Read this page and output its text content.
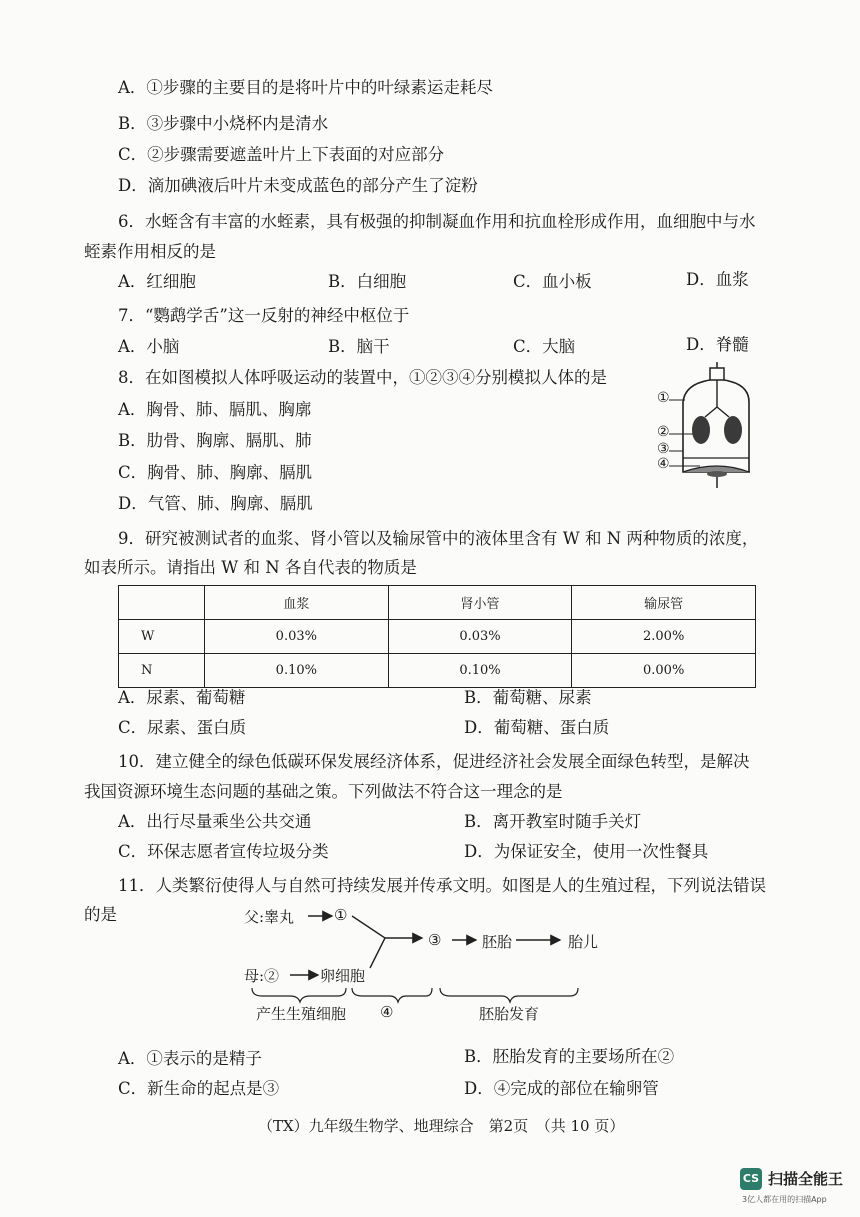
A．①步骤的主要目的是将叶片中的叶绿素运走耗尽
B．③步骤中小烧杯内是清水
C．②步骤需要遮盖叶片上下表面的对应部分
D．滴加碘液后叶片未变成蓝色的部分产生了淀粉
6．水蛭含有丰富的水蛭素，具有极强的抑制凝血作用和抗血栓形成作用，血细胞中与水
蛭素作用相反的是
A．红细胞	B．白细胞	C．血小板	D．血浆
7．“鹦鹉学舌”这一反射的神经中枢位于
A．小脑	B．脑干	C．大脑	D．脊髓
8．在如图模拟人体呼吸运动的装置中，①②③④分别模拟人体的是
A．胸骨、肺、膈肌、胸廓
B．肋骨、胸廓、膈肌、肺
C．胸骨、肺、胸廓、膈肌
D．气管、肺、胸廓、膈肌
①
②
③
④
9．研究被测试者的血浆、肾小管以及输尿管中的液体里含有 W 和 N 两种物质的浓度，
如表所示。请指出 W 和 N 各自代表的物质是
	血浆	肾小管	输尿管
W	0.03%	0.03%	2.00%
N	0.10%	0.10%	0.00%
A．尿素、葡萄糖	B．葡萄糖、尿素
C．尿素、蛋白质	D．葡萄糖、蛋白质
10．建立健全的绿色低碳环保发展经济体系，促进经济社会发展全面绿色转型，是解决
我国资源环境生态问题的基础之策。下列做法不符合这一理念的是
A．出行尽量乘坐公共交通	B．离开教室时随手关灯
C．环保志愿者宣传垃圾分类	D．为保证安全，使用一次性餐具
11．人类繁衍使得人与自然可持续发展并传承文明。如图是人的生殖过程，下列说法错误
的是	父:睾丸	①
③	胚胎	胎儿
母:②	卵细胞
产生生殖细胞 ④	胚胎发育
A．①表示的是精子	B．胚胎发育的主要场所在②
C．新生命的起点是③	D．④完成的部位在输卵管
（TX）九年级生物学、地理综合　第2页　（共 10 页）
CS 扫描全能王
3亿人都在用的扫描App
